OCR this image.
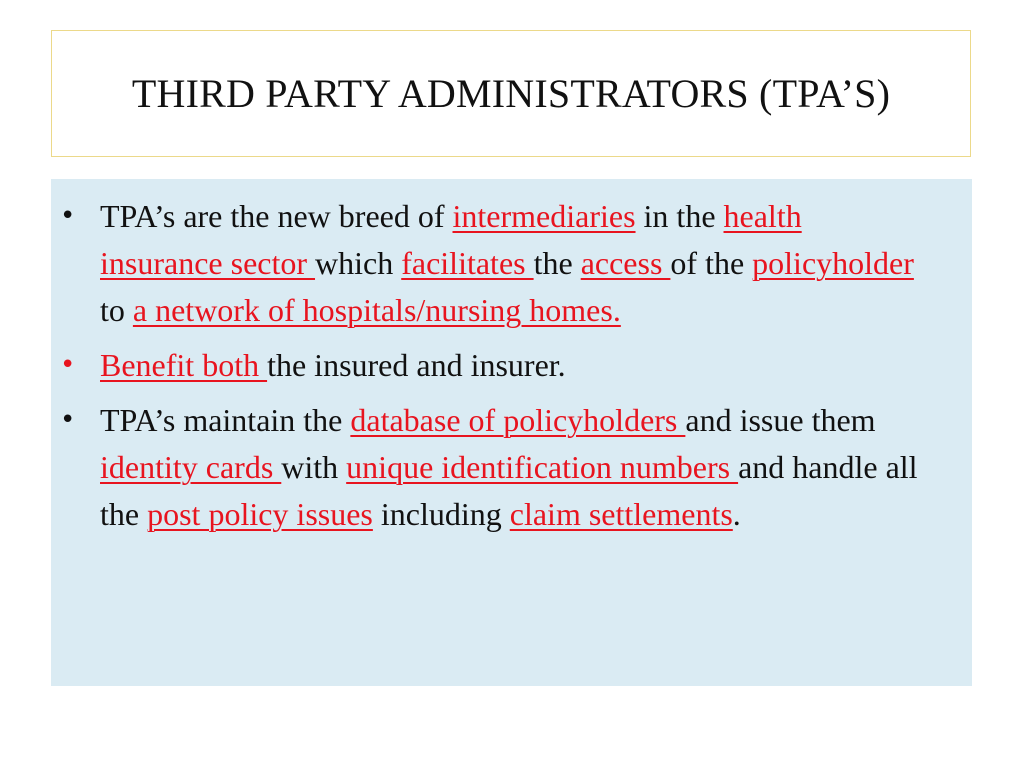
THIRD PARTY ADMINISTRATORS (TPA’S)
• TPA’s are the new breed of intermediaries in the health insurance sector which facilitates the access of the policyholder to a network of hospitals/nursing homes.
• Benefit both the insured and insurer.
• TPA’s maintain the database of policyholders and issue them identity cards with unique identification numbers and handle all the post policy issues including claim settlements.
